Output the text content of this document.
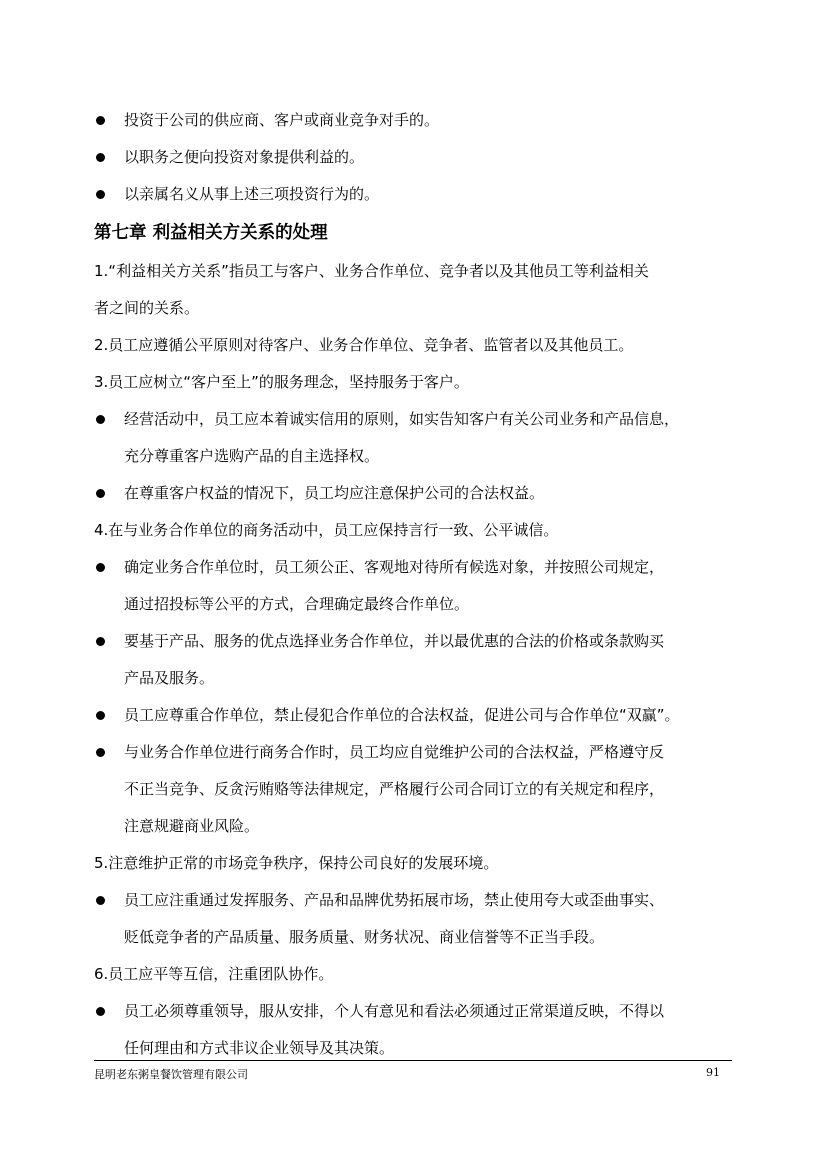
投资于公司的供应商、客户或商业竞争对手的。
以职务之便向投资对象提供利益的。
以亲属名义从事上述三项投资行为的。
第七章 利益相关方关系的处理
1.“利益相关方关系”指员工与客户、业务合作单位、竞争者以及其他员工等利益相关
者之间的关系。
2.员工应遵循公平原则对待客户、业务合作单位、竞争者、监管者以及其他员工。
3.员工应树立“客户至上”的服务理念，坚持服务于客户。
经营活动中，员工应本着诚实信用的原则，如实告知客户有关公司业务和产品信息，
充分尊重客户选购产品的自主选择权。
在尊重客户权益的情况下，员工均应注意保护公司的合法权益。
4.在与业务合作单位的商务活动中，员工应保持言行一致、公平诚信。
确定业务合作单位时，员工须公正、客观地对待所有候选对象，并按照公司规定，
通过招投标等公平的方式，合理确定最终合作单位。
要基于产品、服务的优点选择业务合作单位，并以最优惠的合法的价格或条款购买
产品及服务。
员工应尊重合作单位，禁止侵犯合作单位的合法权益，促进公司与合作单位“双赢”。
与业务合作单位进行商务合作时，员工均应自觉维护公司的合法权益，严格遵守反
不正当竞争、反贪污贿赂等法律规定，严格履行公司合同订立的有关规定和程序，
注意规避商业风险。
5.注意维护正常的市场竞争秩序，保持公司良好的发展环境。
员工应注重通过发挥服务、产品和品牌优势拓展市场，禁止使用夸大或歪曲事实、
贬低竞争者的产品质量、服务质量、财务状况、商业信誉等不正当手段。
6.员工应平等互信，注重团队协作。
员工必须尊重领导，服从安排，个人有意见和看法必须通过正常渠道反映，不得以
任何理由和方式非议企业领导及其决策。
昆明老东粥皇餐饮管理有限公司	91
